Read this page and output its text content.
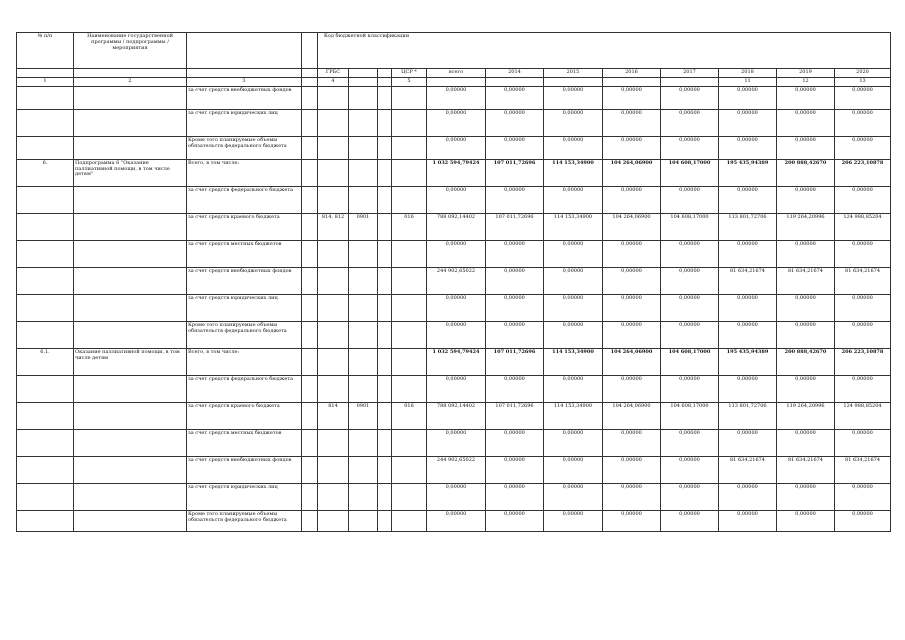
№ п/п	Наименование государственной программы / подпрограммы / мероприятия			Код бюджетной классификации											
				ГРБС			ЦСР *	всего	2014	2015	2016	2017	2018	2019	2020
1	2	3		4			5						11	12	13
		за счет средств внебюджетных фондов						0,00000	0,00000	0,00000	0,00000	0,00000	0,00000	0,00000	0,00000
		за счет средств юридических лиц						0,00000	0,00000	0,00000	0,00000	0,00000	0,00000	0,00000	0,00000
		Кроме того планируемые объемы обязательств федерального бюджета						0,00000	0,00000	0,00000	0,00000	0,00000	0,00000	0,00000	0,00000
6.	Подпрограмма 6 "Оказание паллиативной помощи, в том числе детям"	Всего, в том числе:						1 032 594,79424	107 011,72696	114 153,34900	104 264,06900	104 608,17000	195 435,94389	200 888,42670	206 223,10878
		за счет средств федерального бюджета						0,00000	0,00000	0,00000	0,00000	0,00000	0,00000	0,00000	0,00000
		за счет средств краевого бюджета		814, 812	0901		016	788 092,14402	107 011,72696	114 153,34900	104 264,06900	104 608,17000	113 801,72706	119 264,20996	124 988,85204
		за счет средств местных бюджетов						0,00000	0,00000	0,00000	0,00000	0,00000	0,00000	0,00000	0,00000
		за счет средств внебюджетных фондов						244 902,65022	0,00000	0,00000	0,00000	0,00000	81 634,21674	81 634,21674	81 634,21674
		за счет средств юридических лиц						0,00000	0,00000	0,00000	0,00000	0,00000	0,00000	0,00000	0,00000
		Кроме того планируемые объемы обязательств федерального бюджета						0,00000	0,00000	0,00000	0,00000	0,00000	0,00000	0,00000	0,00000
6.1.	Оказание паллиативной помощи, в том числе детям	Всего, в том числе:						1 032 594,79424	107 011,72696	114 153,34900	104 264,06900	104 608,17000	195 435,94389	200 888,42670	206 223,10878
		за счет средств федерального бюджета						0,00000	0,00000	0,00000	0,00000	0,00000	0,00000	0,00000	0,00000
		за счет средств краевого бюджета		814	0901		016	788 092,14402	107 011,72696	114 153,34900	104 264,06900	104 608,17000	113 801,72706	119 264,20996	124 988,85204
		за счет средств местных бюджетов						0,00000	0,00000	0,00000	0,00000	0,00000	0,00000	0,00000	0,00000
		за счет средств внебюджетных фондов						244 902,65022	0,00000	0,00000	0,00000	0,00000	81 634,21674	81 634,21674	81 634,21674
		за счет средств юридических лиц						0,00000	0,00000	0,00000	0,00000	0,00000	0,00000	0,00000	0,00000
		Кроме того планируемые объемы обязательств федерального бюджета						0,00000	0,00000	0,00000	0,00000	0,00000	0,00000	0,00000	0,00000
